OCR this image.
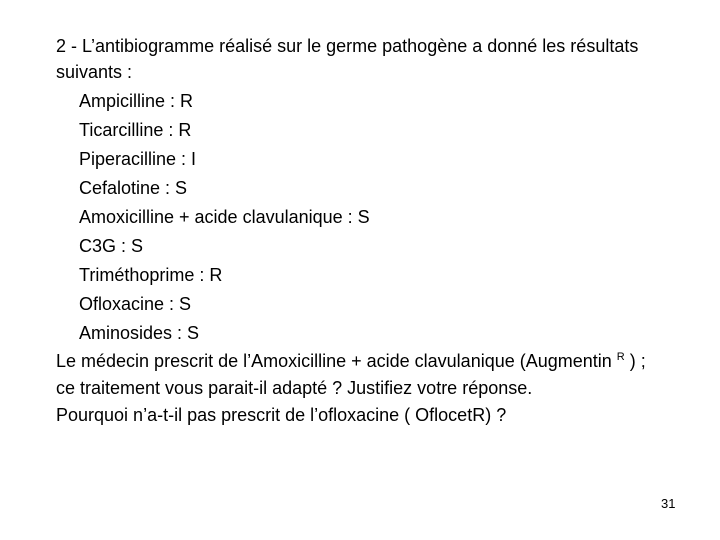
2 - L’antibiogramme réalisé sur le germe pathogène a donné les résultats
suivants :
Ampicilline : R
Ticarcilline : R
Piperacilline : I
Cefalotine : S
Amoxicilline + acide clavulanique : S
C3G : S
Triméthoprime : R
Ofloxacine : S
Aminosides : S
Le médecin prescrit de l’Amoxicilline + acide clavulanique (Augmentin $^R$ ) ;
ce traitement vous parait-il adapté ? Justifiez votre réponse.
Pourquoi n’a-t-il pas prescrit de l’ofloxacine ( OflocetR) ?
31
